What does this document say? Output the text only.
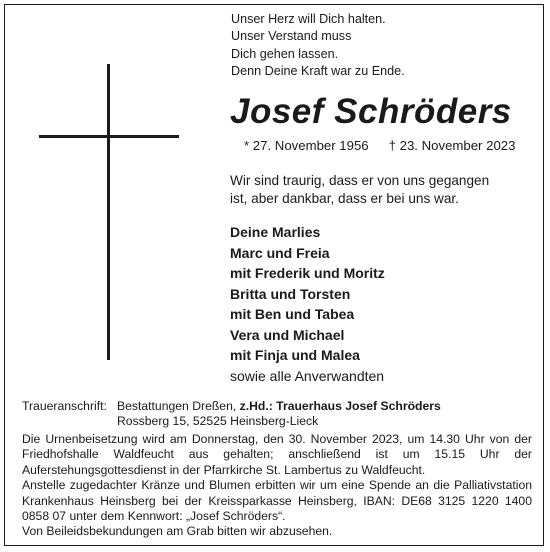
Unser Herz will Dich halten.
Unser Verstand muss
Dich gehen lassen.
Denn Deine Kraft war zu Ende.
Josef Schröders
* 27. November 1956 † 23. November 2023
Wir sind traurig, dass er von uns gegangen
ist, aber dankbar, dass er bei uns war.
Deine Marlies
Marc und Freia
mit Frederik und Moritz
Britta und Torsten
mit Ben und Tabea
Vera und Michael
mit Finja und Malea
sowie alle Anverwandten
Traueranschrift: Bestattungen Dreßen, z.Hd.: Trauerhaus Josef Schröders
Rossberg 15, 52525 Heinsberg-Lieck

Die Urnenbeisetzung wird am Donnerstag, den 30. November 2023, um 14.30 Uhr von der Friedhofshalle Waldfeucht aus gehalten; anschließend ist um 15.15 Uhr der Auferstehungsgottesdienst in der Pfarrkirche St. Lambertus zu Waldfeucht.

Anstelle zugedachter Kränze und Blumen erbitten wir um eine Spende an die Palliativstation Krankenhaus Heinsberg bei der Kreissparkasse Heinsberg, IBAN: DE68 3125 1220 1400 0858 07 unter dem Kennwort: „Josef Schröders“.

Von Beileidsbekundungen am Grab bitten wir abzusehen.
